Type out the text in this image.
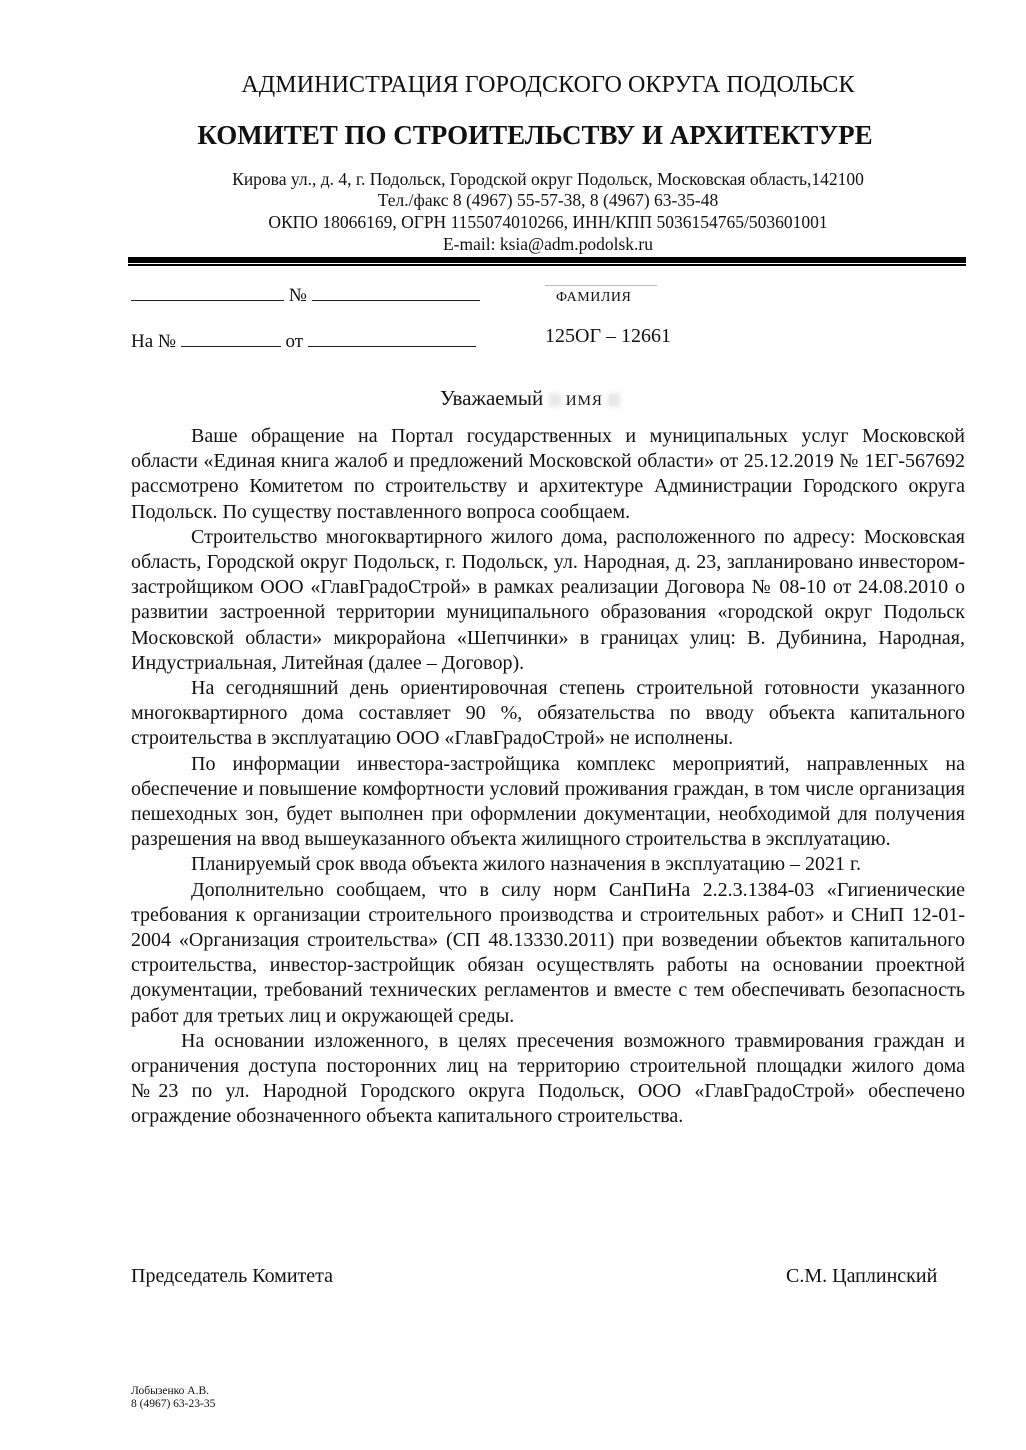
АДМИНИСТРАЦИЯ ГОРОДСКОГО ОКРУГА ПОДОЛЬСК
КОМИТЕТ ПО СТРОИТЕЛЬСТВУ И АРХИТЕКТУРЕ
Кирова ул., д. 4, г. Подольск, Городской округ Подольск, Московская область,142100
Тел./факс 8 (4967) 55-57-38, 8 (4967) 63-35-48
ОКПО 18066169, ОГРН 1155074010266, ИНН/КПП 5036154765/503601001
E-mail: ksia@adm.podolsk.ru
№
На №	от
ФАМИЛИЯ
125ОГ – 12661
Уважаемый ИМЯ

Ваше обращение на Портал государственных и муниципальных услуг Московской области «Единая книга жалоб и предложений Московской области» от 25.12.2019 № 1ЕГ-567692 рассмотрено Комитетом по строительству и архитектуре Администрации Городского округа Подольск. По существу поставленного вопроса сообщаем.

Строительство многоквартирного жилого дома, расположенного по адресу: Московская область, Городской округ Подольск, г. Подольск, ул. Народная, д. 23, запланировано инвестором-застройщиком ООО «ГлавГрадоСтрой» в рамках реализации Договора № 08-10 от 24.08.2010 о развитии застроенной территории муниципального образования «городской округ Подольск Московской области» микрорайона «Шепчинки» в границах улиц: В. Дубинина, Народная, Индустриальная, Литейная (далее – Договор).

На сегодняшний день ориентировочная степень строительной готовности указанного многоквартирного дома составляет 90 %, обязательства по вводу объекта капитального строительства в эксплуатацию ООО «ГлавГрадоСтрой» не исполнены.

По информации инвестора-застройщика комплекс мероприятий, направленных на обеспечение и повышение комфортности условий проживания граждан, в том числе организация пешеходных зон, будет выполнен при оформлении документации, необходимой для получения разрешения на ввод вышеуказанного объекта жилищного строительства в эксплуатацию.

Планируемый срок ввода объекта жилого назначения в эксплуатацию – 2021 г.

Дополнительно сообщаем, что в силу норм СанПиНа 2.2.3.1384-03 «Гигиенические требования к организации строительного производства и строительных работ» и СНиП 12-01-2004 «Организация строительства» (СП 48.13330.2011) при возведении объектов капитального строительства, инвестор-застройщик обязан осуществлять работы на основании проектной документации, требований технических регламентов и вместе с тем обеспечивать безопасность работ для третьих лиц и окружающей среды.

На основании изложенного, в целях пресечения возможного травмирования граждан и ограничения доступа посторонних лиц на территорию строительной площадки жилого дома №23 по ул. Народной Городского округа Подольск, ООО «ГлавГрадоСтрой» обеспечено ограждение обозначенного объекта капитального строительства.

Председатель Комитета	С.М. Цаплинский
Лобызенко А.В.
8 (4967) 63-23-35
